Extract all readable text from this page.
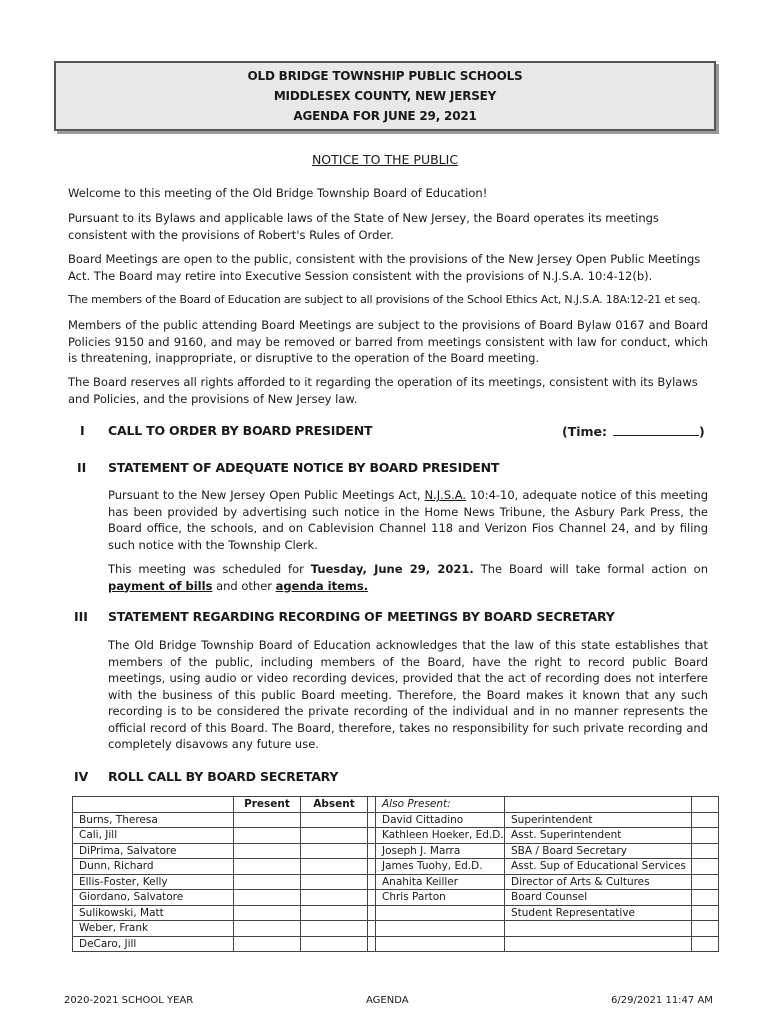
OLD BRIDGE TOWNSHIP PUBLIC SCHOOLS
MIDDLESEX COUNTY, NEW JERSEY
AGENDA FOR JUNE 29, 2021
NOTICE TO THE PUBLIC
Welcome to this meeting of the Old Bridge Township Board of Education!
Pursuant to its Bylaws and applicable laws of the State of New Jersey, the Board operates its meetings consistent with the provisions of Robert's Rules of Order.
Board Meetings are open to the public, consistent with the provisions of the New Jersey Open Public Meetings Act. The Board may retire into Executive Session consistent with the provisions of N.J.S.A. 10:4-12(b).
The members of the Board of Education are subject to all provisions of the School Ethics Act, N.J.S.A. 18A:12-21 et seq.
Members of the public attending Board Meetings are subject to the provisions of Board Bylaw 0167 and Board Policies 9150 and 9160, and may be removed or barred from meetings consistent with law for conduct, which is threatening, inappropriate, or disruptive to the operation of the Board meeting.
The Board reserves all rights afforded to it regarding the operation of its meetings, consistent with its Bylaws and Policies, and the provisions of New Jersey law.
I CALL TO ORDER BY BOARD PRESIDENT	(Time:	)
II STATEMENT OF ADEQUATE NOTICE BY BOARD PRESIDENT
Pursuant to the New Jersey Open Public Meetings Act, N.J.S.A. 10:4-10, adequate notice of this meeting has been provided by advertising such notice in the Home News Tribune, the Asbury Park Press, the Board office, the schools, and on Cablevision Channel 118 and Verizon Fios Channel 24, and by filing such notice with the Township Clerk.
This meeting was scheduled for Tuesday, June 29, 2021. The Board will take formal action on payment of bills and other agenda items.
III STATEMENT REGARDING RECORDING OF MEETINGS BY BOARD SECRETARY
The Old Bridge Township Board of Education acknowledges that the law of this state establishes that members of the public, including members of the Board, have the right to record public Board meetings, using audio or video recording devices, provided that the act of recording does not interfere with the business of this public Board meeting. Therefore, the Board makes it known that any such recording is to be considered the private recording of the individual and in no manner represents the official record of this Board. The Board, therefore, takes no responsibility for such private recording and completely disavows any future use.
IV ROLL CALL BY BOARD SECRETARY
	Present	Absent		Also Present:		
Burns, Theresa				David Cittadino	Superintendent	
Cali, Jill				Kathleen Hoeker, Ed.D.	Asst. Superintendent	
DiPrima, Salvatore				Joseph J. Marra	SBA / Board Secretary	
Dunn, Richard				James Tuohy, Ed.D.	Asst. Sup of Educational Services	
Ellis-Foster, Kelly				Anahita Keiller	Director of Arts & Cultures	
Giordano, Salvatore				Chris Parton	Board Counsel	
Sulikowski, Matt					Student Representative	
Weber, Frank						
DeCaro, Jill						
2020-2021 SCHOOL YEAR	AGENDA	6/29/2021 11:47 AM
